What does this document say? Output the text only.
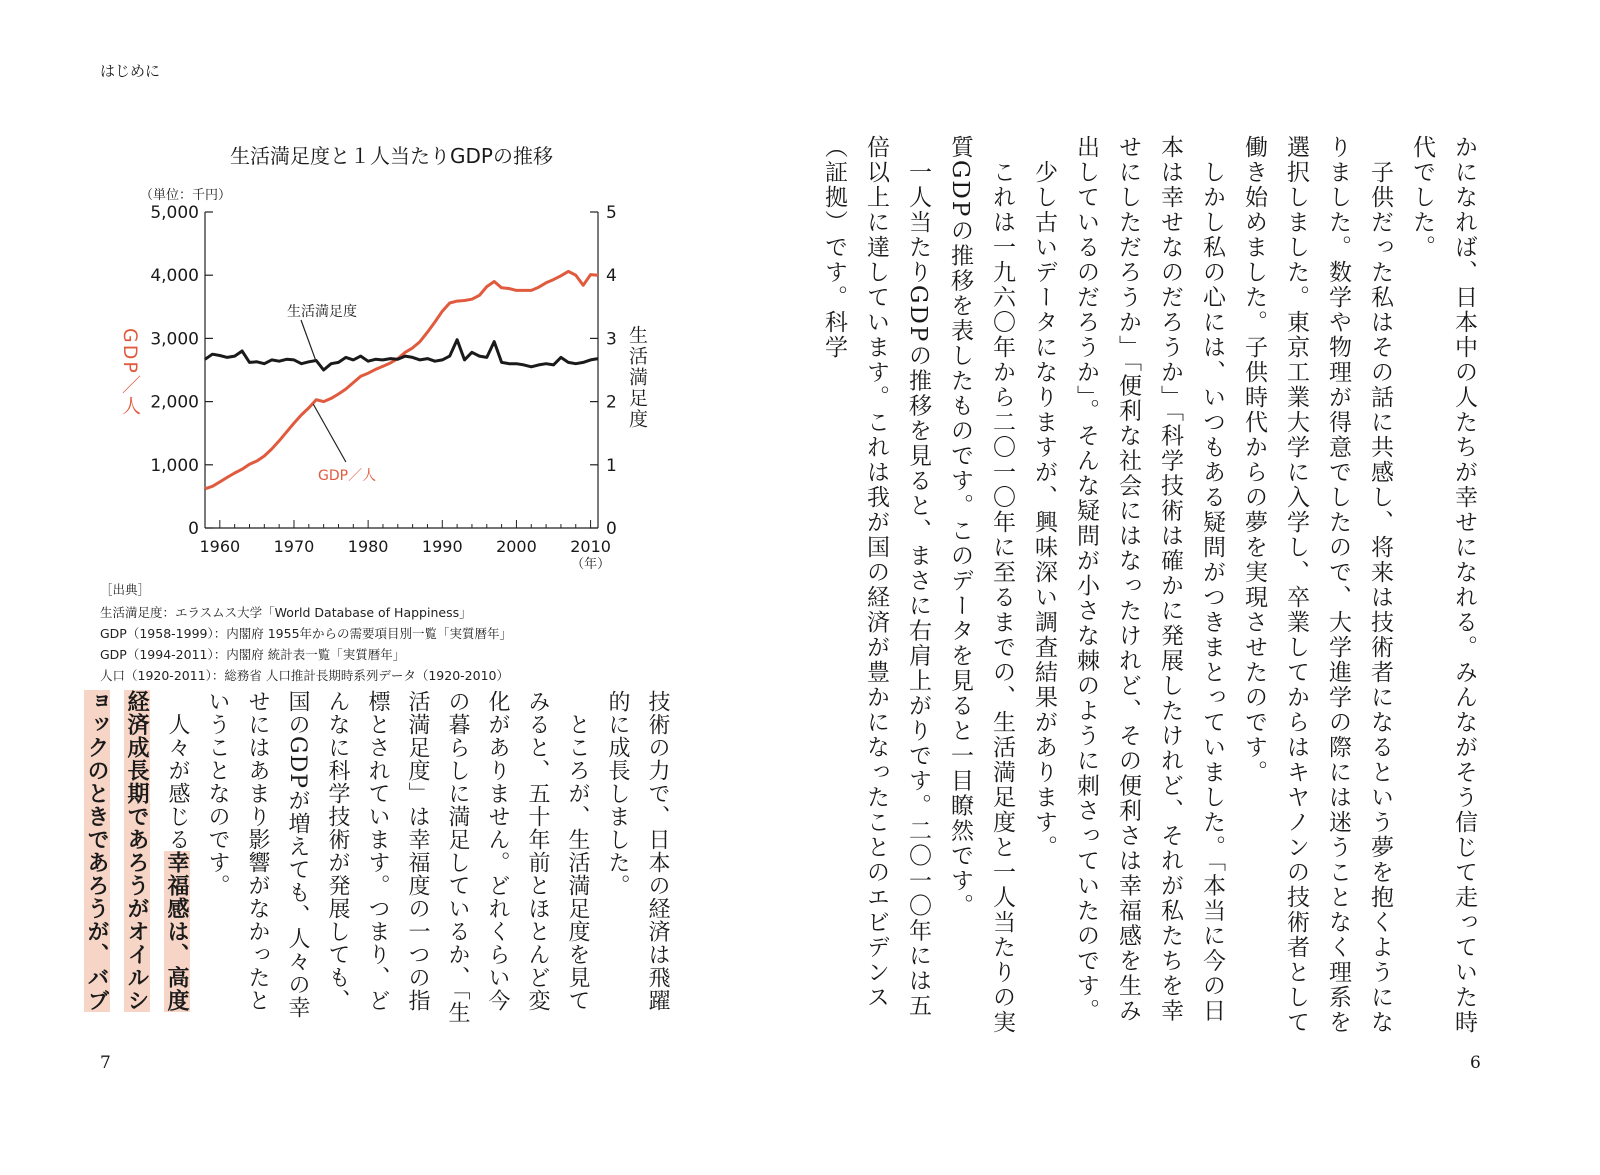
はじめに
生活満足度と１人当たりGDPの推移
（単位：千円）
GDP／人	生活満足度
0
1,000
2,000
3,000
4,000
5,000
0
1
2
3
4
5
1960 1970 1980 1990 2000 2010
（年）
GDP／人
生活満足度
［出典］
生活満足度：エラスムス大学「World Database of Happiness」
GDP（1958-1999）：内閣府 1955年からの需要項目別一覧「実質暦年」
GDP（1994-2011）：内閣府 統計表一覧「実質暦年」
人口（1920-2011）：総務省 人口推計長期時系列データ（1920-2010）
技術の力で、日本の経済は飛躍的に成長しました。
　ところが、生活満足度を見てみると、五十年前とほとんど変化がありません。どれくらい今の暮らしに満足しているか、「生活満足度」は幸福度の一つの指標とされています。つまり、どんなに科学技術が発展しても、国のGDPが増えても、人々の幸せにはあまり影響がなかったということなのです。
　人々が感じる幸福感は、高度経済成長期であろうがオイルショックのときであろうが、バブ
7

かになれば、日本中の人たちが幸せになれる。みんながそう信じて走っていた時代でした。

　子供だった私はその話に共感し、将来は技術者になるという夢を抱くようになりました。数学や物理が得意でしたので、大学進学の際には迷うことなく理系を選択しました。東京工業大学に入学し、卒業してからはキヤノンの技術者として働き始めました。子供時代からの夢を実現させたのです。

　しかし私の心には、いつもある疑問がつきまとっていました。「本当に今の日本は幸せなのだろうか」「科学技術は確かに発展したけれど、それが私たちを幸せにしただろうか」「便利な社会にはなったけれど、その便利さは幸福感を生み出しているのだろうか」。そんな疑問が小さな棘のように刺さっていたのです。

　少し古いデータになりますが、興味深い調査結果があります。

　これは一九六〇年から二〇一〇年に至るまでの、生活満足度と一人当たりの実質GDPの推移を表したものです。このデータを見ると一目瞭然です。

　一人当たりGDPの推移を見ると、まさに右肩上がりです。二〇一〇年には五倍以上に達しています。これは我が国の経済が豊かになったことのエビデンス（証拠）です。科学

6
